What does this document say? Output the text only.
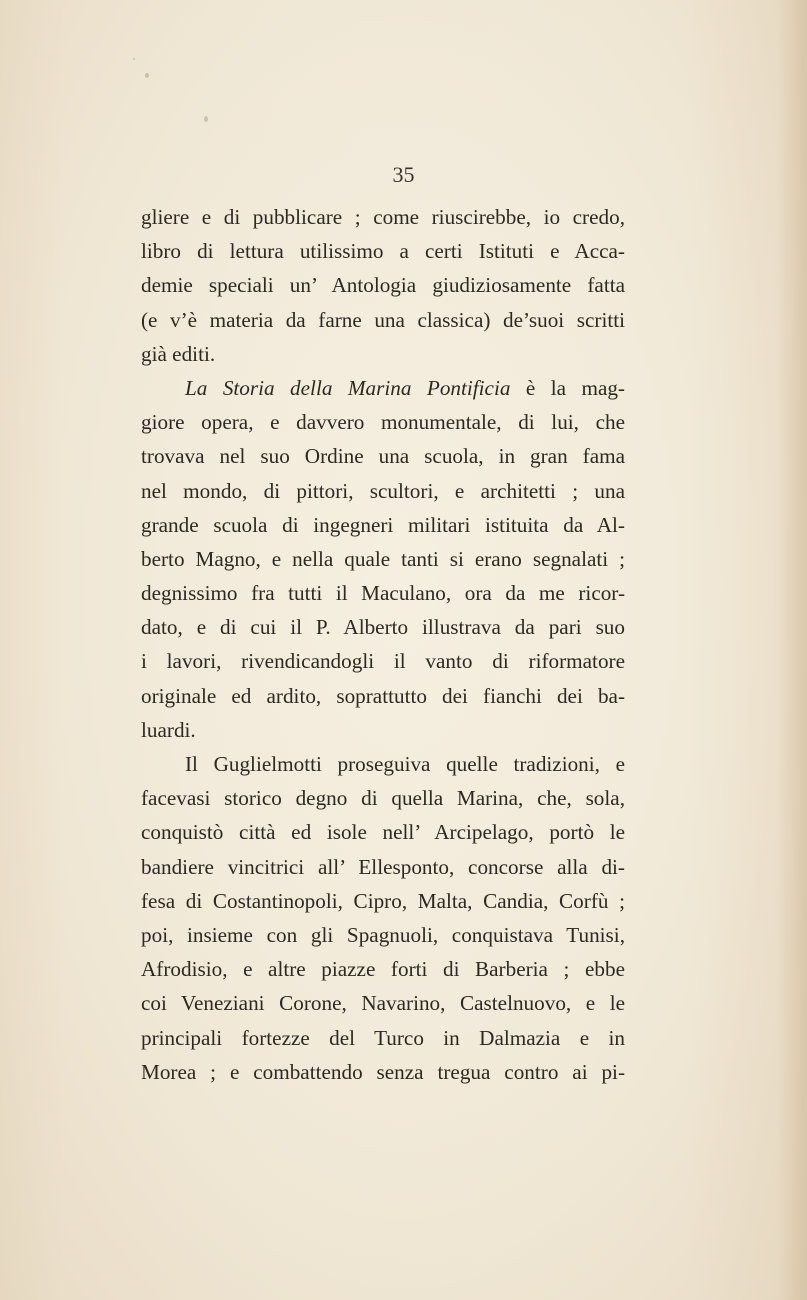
35
gliere e di pubblicare ; come riuscirebbe, io credo,
libro di lettura utilissimo a certi Istituti e Acca-
demie speciali un’ Antologia giudiziosamente fatta
(e v’è materia da farne una classica) de’suoi scritti
già editi.
La Storia della Marina Pontificia è la mag-
giore opera, e davvero monumentale, di lui, che
trovava nel suo Ordine una scuola, in gran fama
nel mondo, di pittori, scultori, e architetti ; una
grande scuola di ingegneri militari istituita da Al-
berto Magno, e nella quale tanti si erano segnalati ;
degnissimo fra tutti il Maculano, ora da me ricor-
dato, e di cui il P. Alberto illustrava da pari suo
i lavori, rivendicandogli il vanto di riformatore
originale ed ardito, soprattutto dei fianchi dei ba-
luardi.
Il Guglielmotti proseguiva quelle tradizioni, e
facevasi storico degno di quella Marina, che, sola,
conquistò città ed isole nell’ Arcipelago, portò le
bandiere vincitrici all’ Ellesponto, concorse alla di-
fesa di Costantinopoli, Cipro, Malta, Candia, Corfù ;
poi, insieme con gli Spagnuoli, conquistava Tunisi,
Afrodisio, e altre piazze forti di Barberia ; ebbe
coi Veneziani Corone, Navarino, Castelnuovo, e le
principali fortezze del Turco in Dalmazia e in
Morea ; e combattendo senza tregua contro ai pi-
